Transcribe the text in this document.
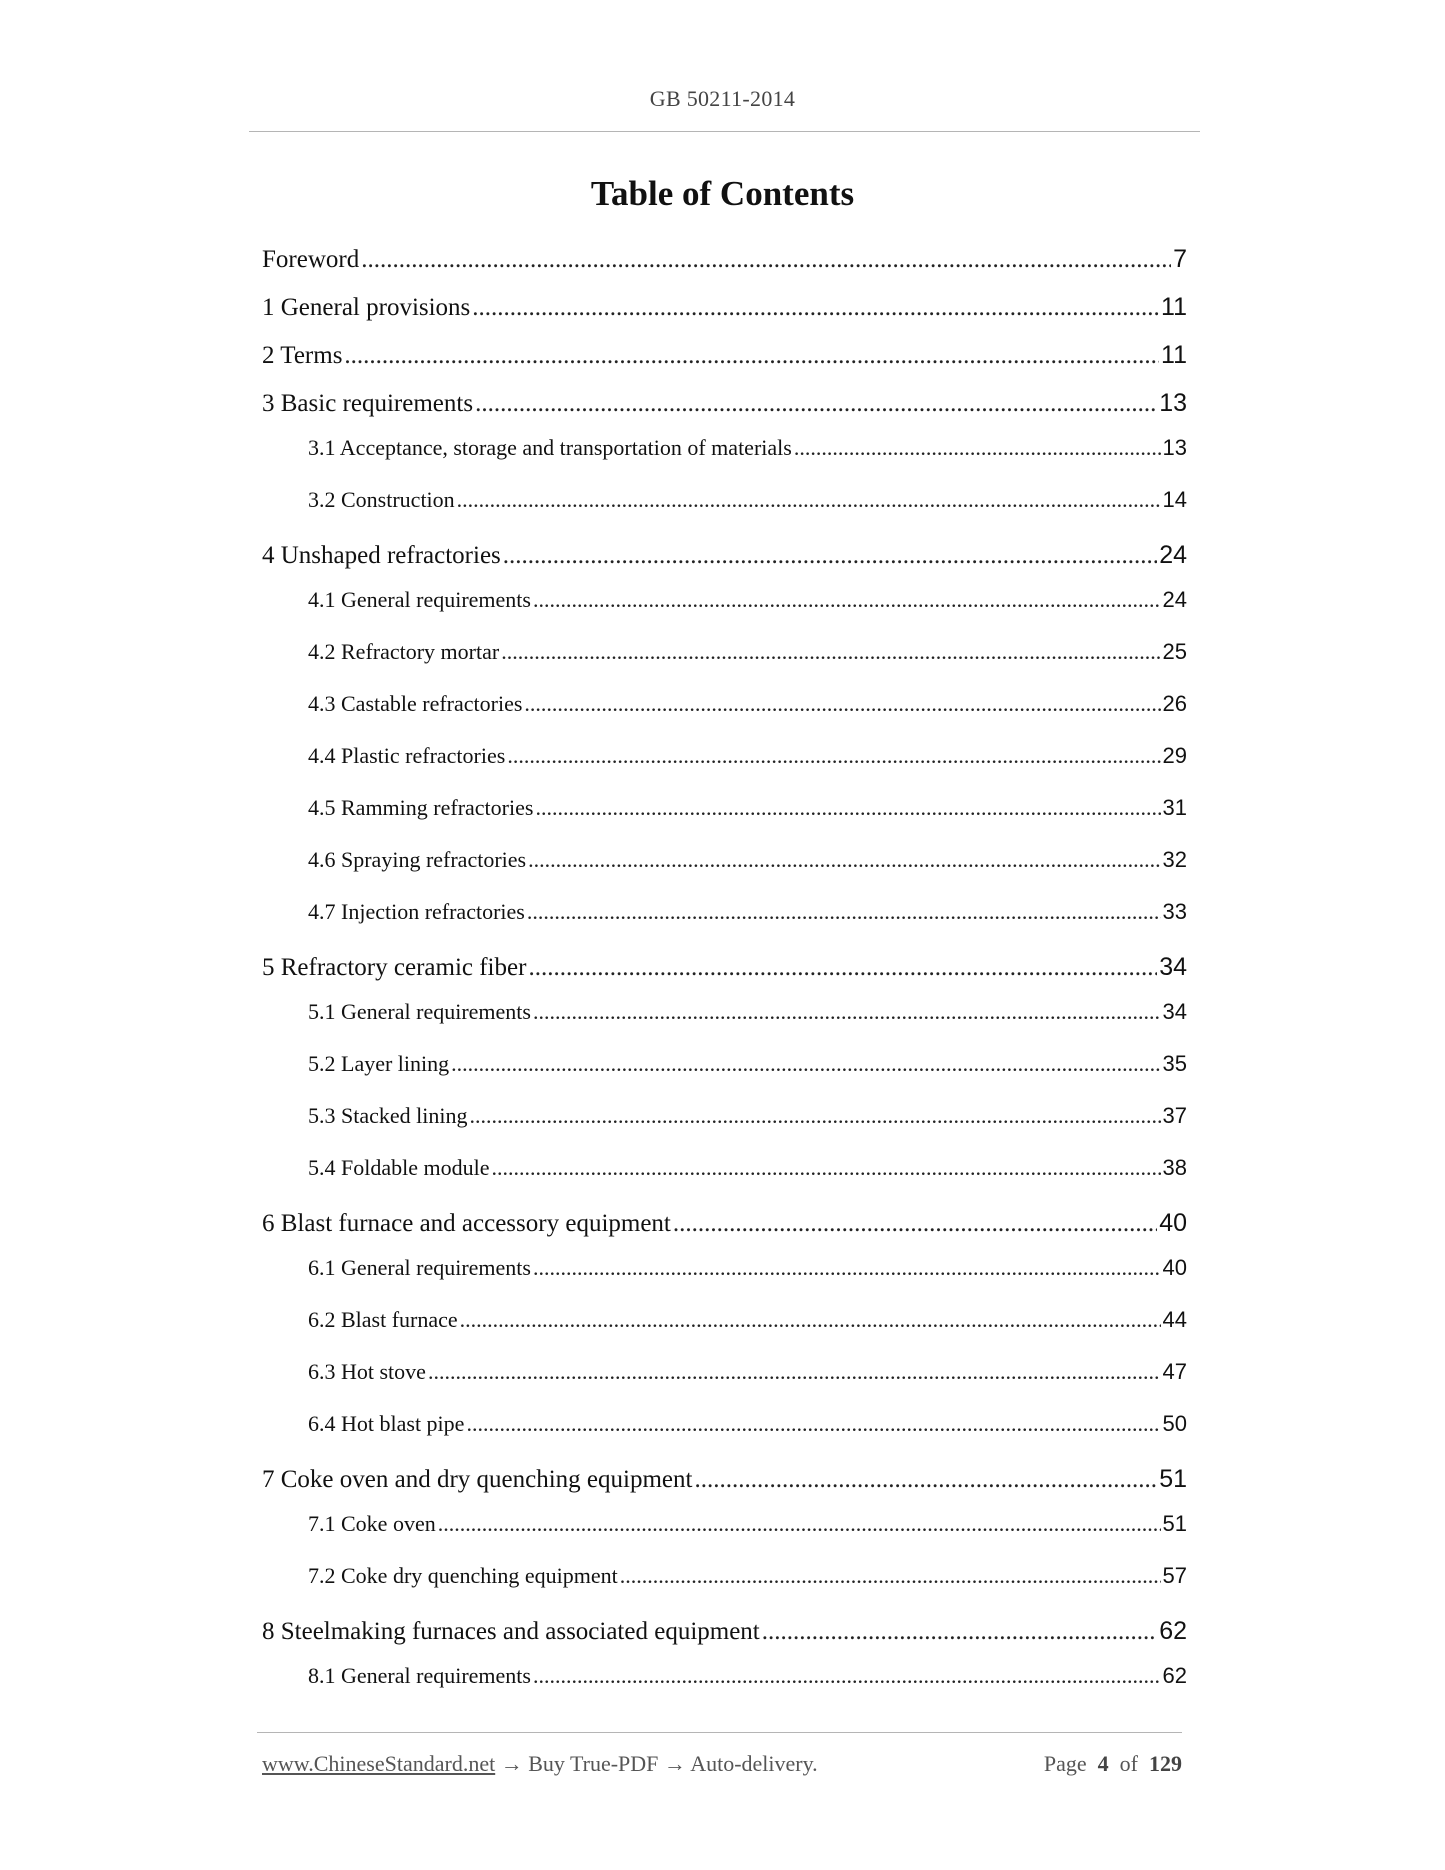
GB 50211-2014
Table of Contents
Foreword .....	7
1 General provisions .....	11
2 Terms .....	11
3 Basic requirements .....	13
3.1 Acceptance, storage and transportation of materials .....	13
3.2 Construction .....	14
4 Unshaped refractories .....	24
4.1 General requirements .....	24
4.2 Refractory mortar .....	25
4.3 Castable refractories .....	26
4.4 Plastic refractories .....	29
4.5 Ramming refractories .....	31
4.6 Spraying refractories .....	32
4.7 Injection refractories .....	33
5 Refractory ceramic fiber .....	34
5.1 General requirements .....	34
5.2 Layer lining .....	35
5.3 Stacked lining .....	37
5.4 Foldable module .....	38
6 Blast furnace and accessory equipment .....	40
6.1 General requirements .....	40
6.2 Blast furnace .....	44
6.3 Hot stove .....	47
6.4 Hot blast pipe .....	50
7 Coke oven and dry quenching equipment .....	51
7.1 Coke oven .....	51
7.2 Coke dry quenching equipment .....	57
8 Steelmaking furnaces and associated equipment .....	62
8.1 General requirements .....	62
www.ChineseStandard.net → Buy True-PDF → Auto-delivery.	Page 4 of 129
